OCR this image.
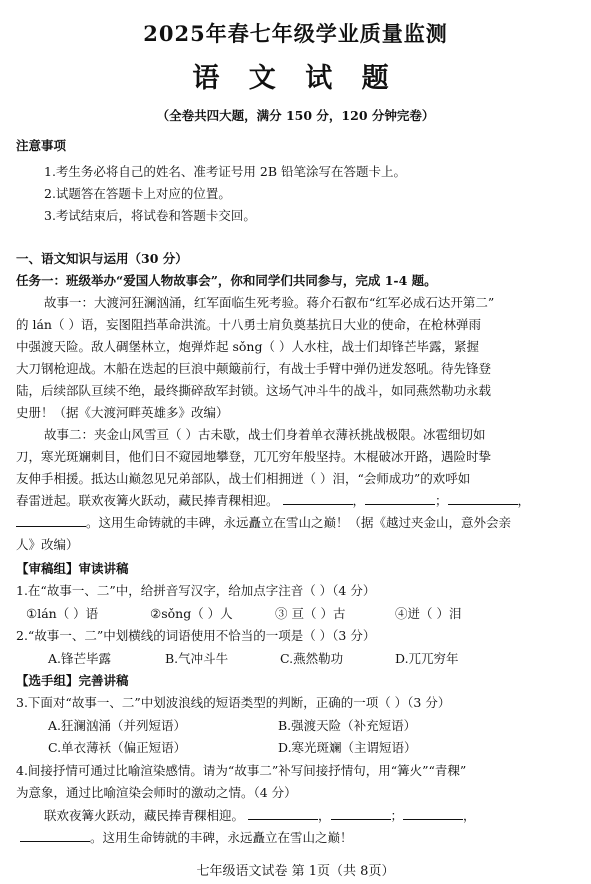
2025年春七年级学业质量监测
语 文 试 题
（全卷共四大题，满分 150 分，120 分钟完卷）
注意事项
1.考生务必将自己的姓名、准考证号用 2B 铅笔涂写在答题卡上。
2.试题答在答题卡上对应的位置。
3.考试结束后，将试卷和答题卡交回。
一、语文知识与运用（30 分）
任务一：班级举办“爱国人物故事会”，你和同学们共同参与，完成 1-4 题。
故事一：大渡河狂澜汹涌，红军面临生死考验。蒋介石叡布“红军必成石达开第二”
的 lán（ ）语，妄图阻挡革命洪流。十八勇士肩负奠基抗日大业的使命，在枪林弹雨
中强渡天险。敌人碉堡林立，炮弹炸起 sǒng（ ）人水柱，战士们却锋芒毕露，紧握
大刀钢枪迎战。木船在迭起的巨浪中颠簸前行，有战士手臂中弹仍迸发怒吼。待先锋登
陆，后续部队亘续不绝，最终撕碎敌军封锁。这场气冲斗牛的战斗，如同燕然勒功永载
史册！（据《大渡河畔英雄多》改编）
故事二：夹金山风雪亘（ ）古未歇，战士们身着单衣薄袄挑战极限。冰雹细切如
刀，寒光斑斓刺目，他们日不窥园地攀登，兀兀穷年般坚持。木棍破冰开路，遇险时挚
友伸手相援。抵达山巅忽见兄弟部队，战士们相拥迸（ ）泪，“会师成功”的欢呼如
春雷迸起。联欢夜篝火跃动，藏民捧青稞相迎。	，	；	，
。这用生命铸就的丰碑，永远矗立在雪山之巅！（据《越过夹金山，意外会亲
人》改编）
【审稿组】审读讲稿
1.在“故事一、二”中，给拼音写汉字，给加点字注音（ ）（4 分）
①lán（ ）语	②sǒng（ ）人	③ 亘（ ）古	④迸（ ）泪
2.“故事一、二”中划横线的词语使用不恰当的一项是（ ）（3 分）
A.锋芒毕露	B.气冲斗牛	C.燕然勒功	D.兀兀穷年
【选手组】完善讲稿
3.下面对“故事一、二”中划波浪线的短语类型的判断，正确的一项（ ）（3 分）
A.狂澜汹涌（并列短语）	B.强渡天险（补充短语）
C.单衣薄袄（偏正短语）	D.寒光斑斓（主谓短语）
4.间接抒情可通过比喻渲染感情。请为“故事二”补写间接抒情句，用“篝火”“青稞”
为意象，通过比喻渲染会师时的激动之情。（4 分）
联欢夜篝火跃动，藏民捧青稞相迎。	，	；	，
。这用生命铸就的丰碑，永远矗立在雪山之巅！
七年级语文试卷 第 1页（共 8页）
